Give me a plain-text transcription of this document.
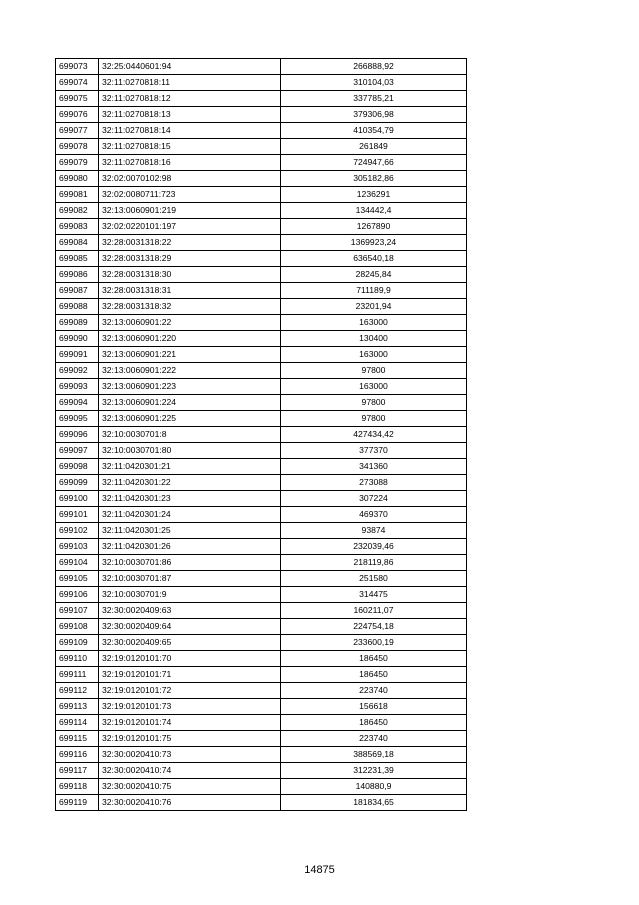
699073	32:25:0440601:94	266888,92
699074	32:11:0270818:11	310104,03
699075	32:11:0270818:12	337785,21
699076	32:11:0270818:13	379306,98
699077	32:11:0270818:14	410354,79
699078	32:11:0270818:15	261849
699079	32:11:0270818:16	724947,66
699080	32:02:0070102:98	305182,86
699081	32:02:0080711:723	1236291
699082	32:13:0060901:219	134442,4
699083	32:02:0220101:197	1267890
699084	32:28:0031318:22	1369923,24
699085	32:28:0031318:29	636540,18
699086	32:28:0031318:30	28245,84
699087	32:28:0031318:31	711189,9
699088	32:28:0031318:32	23201,94
699089	32:13:0060901:22	163000
699090	32:13:0060901:220	130400
699091	32:13:0060901:221	163000
699092	32:13:0060901:222	97800
699093	32:13:0060901:223	163000
699094	32:13:0060901:224	97800
699095	32:13:0060901:225	97800
699096	32:10:0030701:8	427434,42
699097	32:10:0030701:80	377370
699098	32:11:0420301:21	341360
699099	32:11:0420301:22	273088
699100	32:11:0420301:23	307224
699101	32:11:0420301:24	469370
699102	32:11:0420301:25	93874
699103	32:11:0420301:26	232039,46
699104	32:10:0030701:86	218119,86
699105	32:10:0030701:87	251580
699106	32:10:0030701:9	314475
699107	32:30:0020409:63	160211,07
699108	32:30:0020409:64	224754,18
699109	32:30:0020409:65	233600,19
699110	32:19:0120101:70	186450
699111	32:19:0120101:71	186450
699112	32:19:0120101:72	223740
699113	32:19:0120101:73	156618
699114	32:19:0120101:74	186450
699115	32:19:0120101:75	223740
699116	32:30:0020410:73	388569,18
699117	32:30:0020410:74	312231,39
699118	32:30:0020410:75	140880,9
699119	32:30:0020410:76	181834,65
14875
